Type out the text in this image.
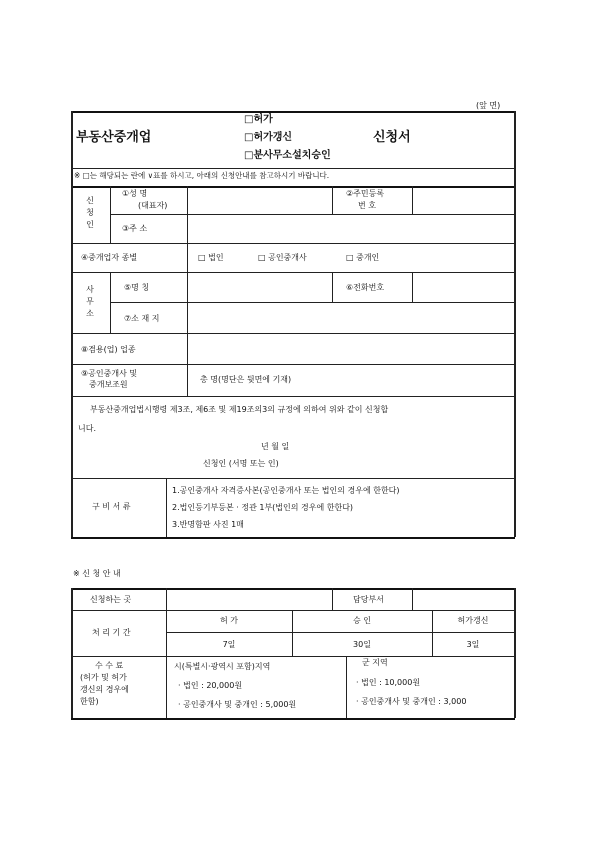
(앞 면)
부동산중개업
□허가
□허가갱신
□분사무소설치승인
신청서
※ □는 해당되는 란에 ∨표를 하시고, 아래의 신청안내를 참고하시기 바랍니다.
신
청
인
①성 명
(대표자)
②주민등록
번 호
③주 소
④중개업자 종별	□ 법인	□ 공인중개사	□ 중개인
사
무
소
⑤명 칭	⑥전화번호
⑦소 재 지
⑧겸용(업) 업종
⑨공인중개사 및
중개보조원
총 명(명단은 뒷면에 기재)
부동산중개업법시행령 제3조, 제6조 및 제19조의3의 규정에 의하여 위와 같이 신청합
니다.
년 월 일
신청인 (서명 또는 인)
구 비 서 류
1.공인중개사 자격증사본(공인중개사 또는 법인의 경우에 한한다)
2.법인등기부등본 · 정관 1부(법인의 경우에 한한다)
3.반명함판 사진 1매
※ 신 청 안 내
신청하는 곳	담당부서
처 리 기 간
허 가	승 인	허가갱신
7일	30일	3일
수 수 료
(허가 및 허가
갱신의 경우에
한함)
시(특별시·광역시 포함)지역
· 법인 : 20,000원
· 공인중개사 및 중개인 : 5,000원
군 지역
· 법인 : 10,000원
· 공인중개사 및 중개인 : 3,000
